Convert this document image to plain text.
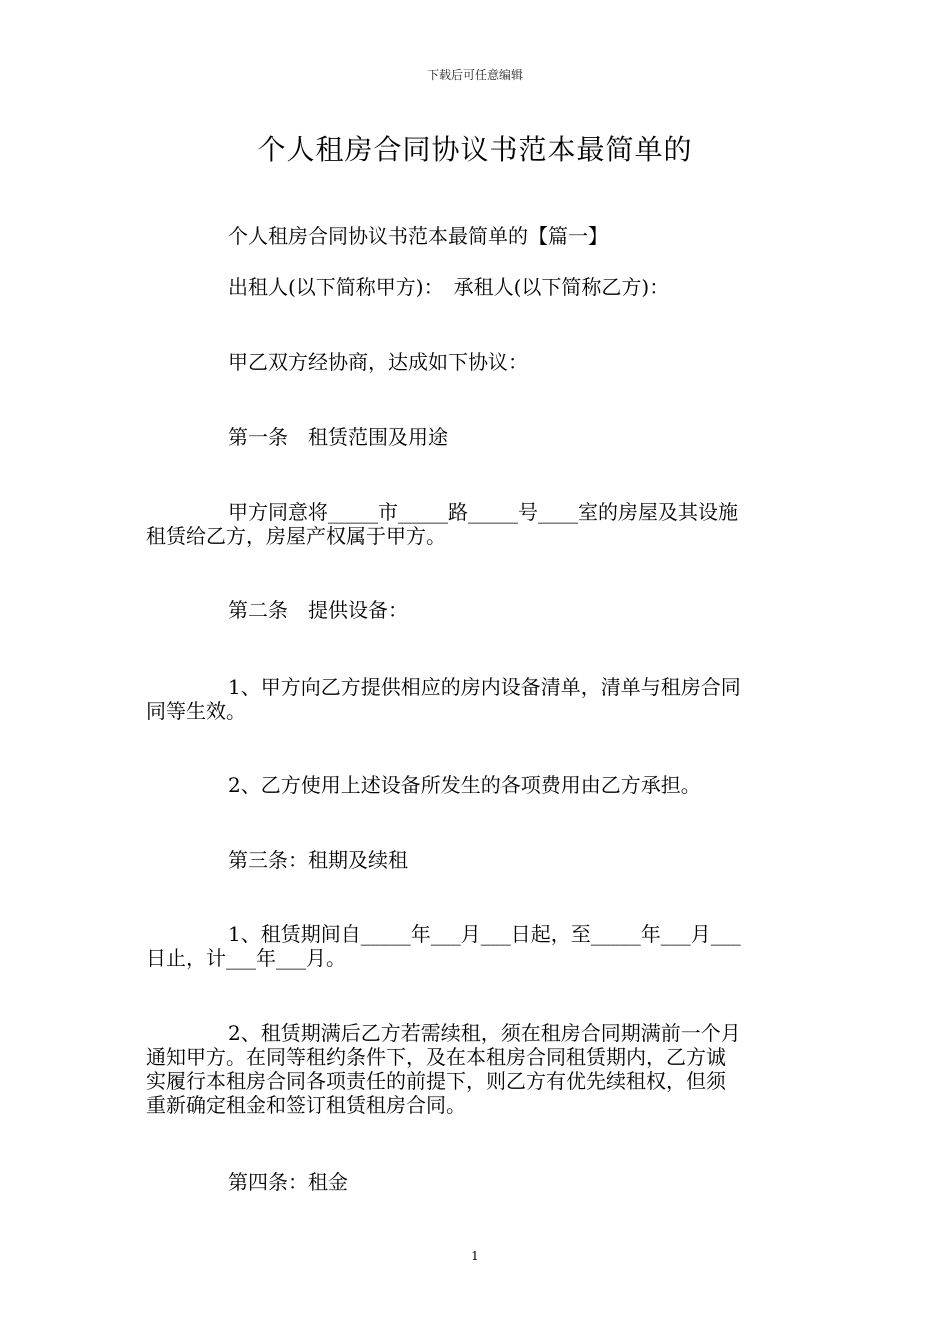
下载后可任意编辑
个人租房合同协议书范本最简单的
个人租房合同协议书范本最简单的【篇一】
出租人(以下简称甲方)：　承租人(以下简称乙方)：
甲乙双方经协商，达成如下协议：
第一条　租赁范围及用途
甲方同意将_____市_____路_____号____室的房屋及其设施
租赁给乙方，房屋产权属于甲方。
第二条　提供设备：
1、甲方向乙方提供相应的房内设备清单，清单与租房合同
同等生效。
2、乙方使用上述设备所发生的各项费用由乙方承担。
第三条：租期及续租
1、租赁期间自_____年___月___日起，至_____年___月___
日止，计___年___月。
2、租赁期满后乙方若需续租，须在租房合同期满前一个月
通知甲方。在同等租约条件下，及在本租房合同租赁期内，乙方诚
实履行本租房合同各项责任的前提下，则乙方有优先续租权，但须
重新确定租金和签订租赁租房合同。
第四条：租金
1
